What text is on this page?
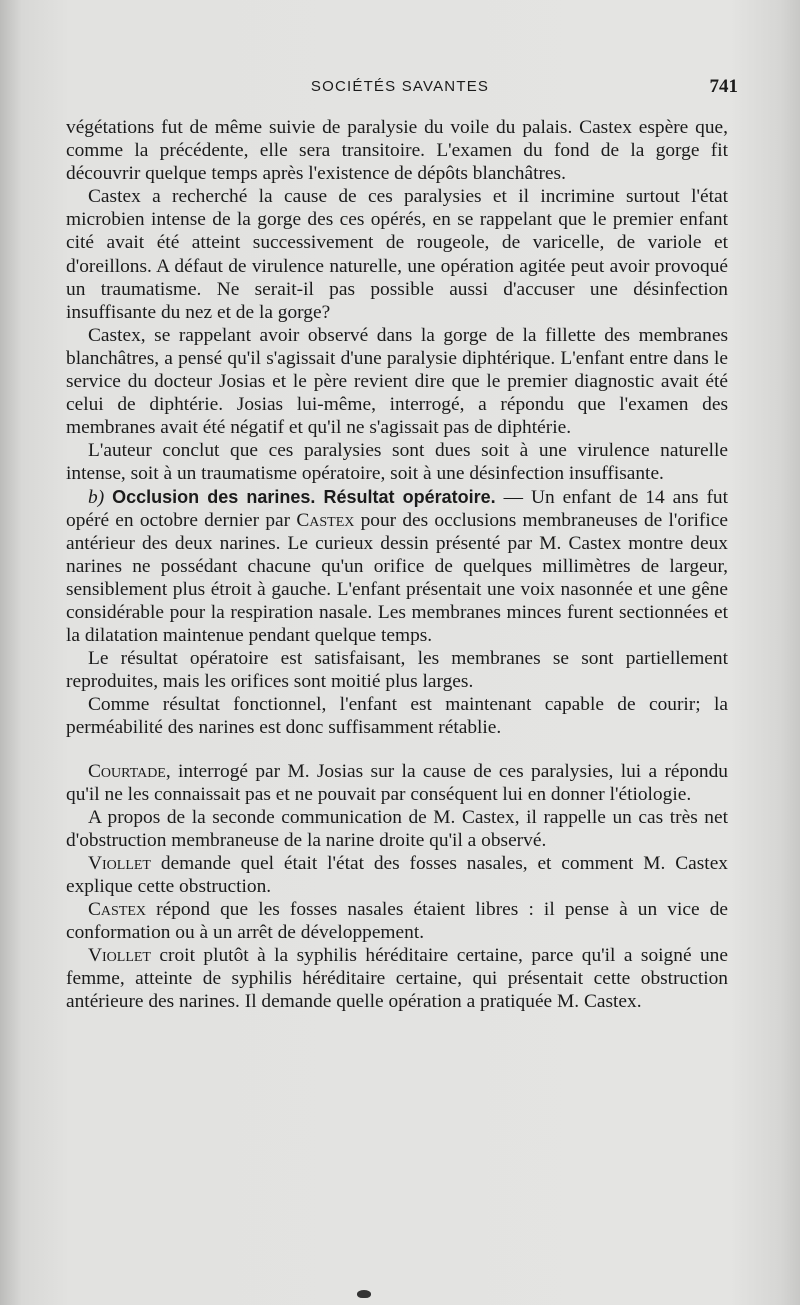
SOCIÉTÉS SAVANTES	741

végétations fut de même suivie de paralysie du voile du palais. Castex espère que, comme la précédente, elle sera transitoire. L'examen du fond de la gorge fit découvrir quelque temps après l'existence de dépôts blanchâtres.

Castex a recherché la cause de ces paralysies et il incrimine surtout l'état microbien intense de la gorge des ces opérés, en se rappelant que le premier enfant cité avait été atteint successivement de rougeole, de varicelle, de variole et d'oreillons. A défaut de virulence naturelle, une opération agitée peut avoir provoqué un traumatisme. Ne serait-il pas possible aussi d'accuser une désinfection insuffisante du nez et de la gorge?

Castex, se rappelant avoir observé dans la gorge de la fillette des membranes blanchâtres, a pensé qu'il s'agissait d'une paralysie diphtérique. L'enfant entre dans le service du docteur Josias et le père revient dire que le premier diagnostic avait été celui de diphtérie. Josias lui-même, interrogé, a répondu que l'examen des membranes avait été négatif et qu'il ne s'agissait pas de diphtérie.

L'auteur conclut que ces paralysies sont dues soit à une virulence naturelle intense, soit à un traumatisme opératoire, soit à une désinfection insuffisante.

b) Occlusion des narines. Résultat opératoire. — Un enfant de 14 ans fut opéré en octobre dernier par Castex pour des occlusions membraneuses de l'orifice antérieur des deux narines. Le curieux dessin présenté par M. Castex montre deux narines ne possédant chacune qu'un orifice de quelques millimètres de largeur, sensiblement plus étroit à gauche. L'enfant présentait une voix nasonnée et une gêne considérable pour la respiration nasale. Les membranes minces furent sectionnées et la dilatation maintenue pendant quelque temps.

Le résultat opératoire est satisfaisant, les membranes se sont partiellement reproduites, mais les orifices sont moitié plus larges.

Comme résultat fonctionnel, l'enfant est maintenant capable de courir; la perméabilité des narines est donc suffisamment rétablie.

Courtade, interrogé par M. Josias sur la cause de ces paralysies, lui a répondu qu'il ne les connaissait pas et ne pouvait par conséquent lui en donner l'étiologie.

A propos de la seconde communication de M. Castex, il rappelle un cas très net d'obstruction membraneuse de la narine droite qu'il a observé.

Viollet demande quel était l'état des fosses nasales, et comment M. Castex explique cette obstruction.

Castex répond que les fosses nasales étaient libres : il pense à un vice de conformation ou à un arrêt de développement.

Viollet croit plutôt à la syphilis héréditaire certaine, parce qu'il a soigné une femme, atteinte de syphilis héréditaire certaine, qui présentait cette obstruction antérieure des narines. Il demande quelle opération a pratiquée M. Castex.
